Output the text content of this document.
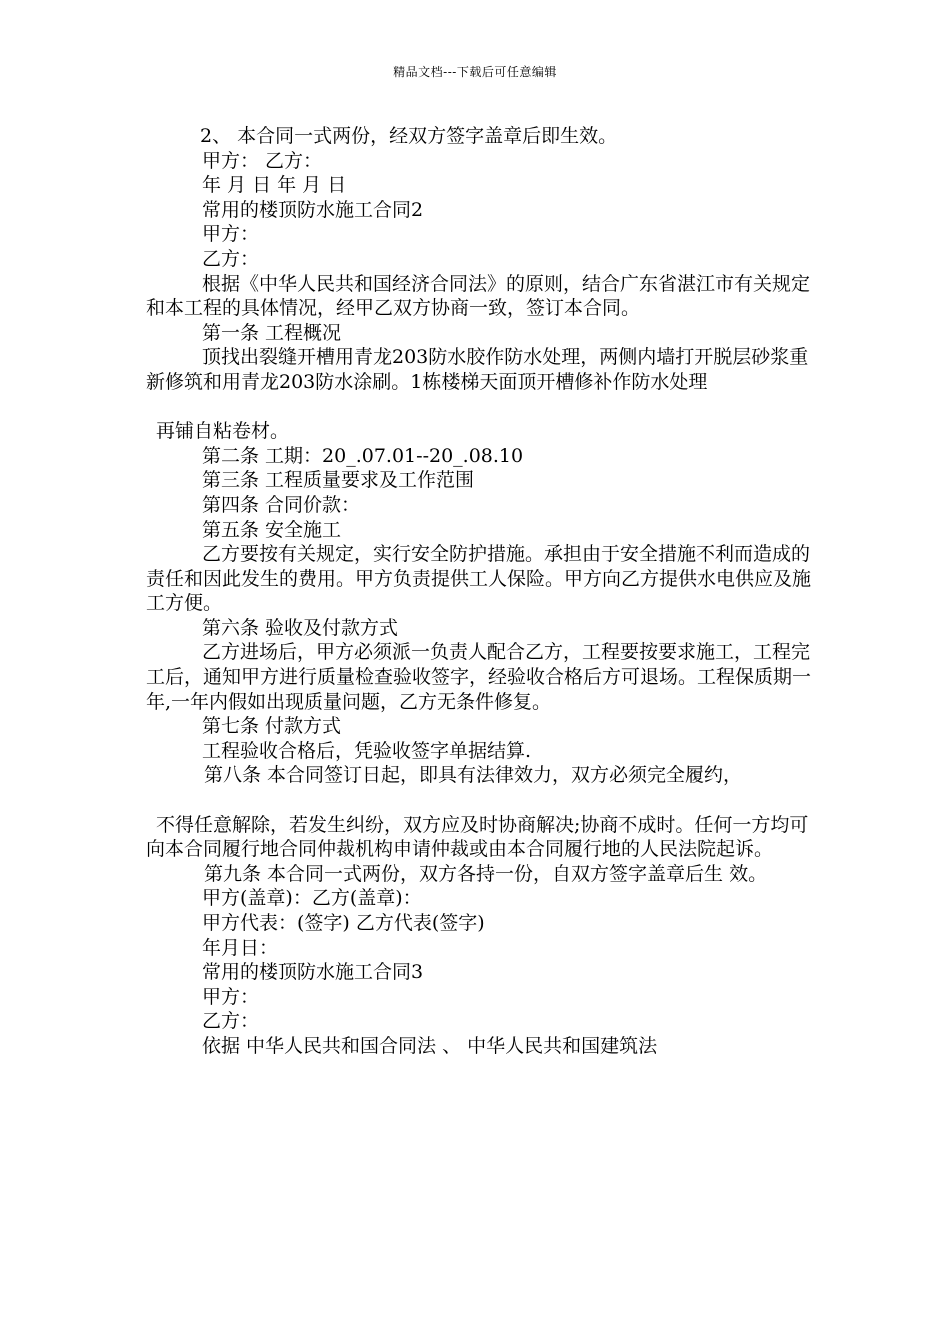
精品文档---下载后可任意编辑

2、 本合同一式两份，经双方签字盖章后即生效。

甲方： 乙方：

年 月 日 年 月 日

常用的楼顶防水施工合同2

甲方：

乙方：

根据《中华人民共和国经济合同法》的原则，结合广东省湛江市有关规定和本工程的具体情况，经甲乙双方协商一致，签订本合同。

第一条 工程概况

顶找出裂缝开槽用青龙203防水胶作防水处理，两侧内墙打开脱层砂浆重新修筑和用青龙203防水涂刷。1栋楼梯天面顶开槽修补作防水处理

再铺自粘卷材。

第二条 工期：20_.07.01--20_.08.10

第三条 工程质量要求及工作范围

第四条 合同价款：

第五条 安全施工

乙方要按有关规定，实行安全防护措施。承担由于安全措施不利而造成的责任和因此发生的费用。甲方负责提供工人保险。甲方向乙方提供水电供应及施工方便。

第六条 验收及付款方式

乙方进场后，甲方必须派一负责人配合乙方，工程要按要求施工，工程完工后，通知甲方进行质量检查验收签字，经验收合格后方可退场。工程保质期一年,一年内假如出现质量问题，乙方无条件修复。

第七条 付款方式

工程验收合格后，凭验收签字单据结算.

第八条 本合同签订日起，即具有法律效力，双方必须完全履约，

不得任意解除，若发生纠纷，双方应及时协商解决;协商不成时。任何一方均可向本合同履行地合同仲裁机构申请仲裁或由本合同履行地的人民法院起诉。

第九条 本合同一式两份，双方各持一份，自双方签字盖章后生 效。

甲方(盖章)：乙方(盖章)：

甲方代表：(签字) 乙方代表(签字)

年月日：

常用的楼顶防水施工合同3

甲方：

乙方：

依据 中华人民共和国合同法 、 中华人民共和国建筑法
